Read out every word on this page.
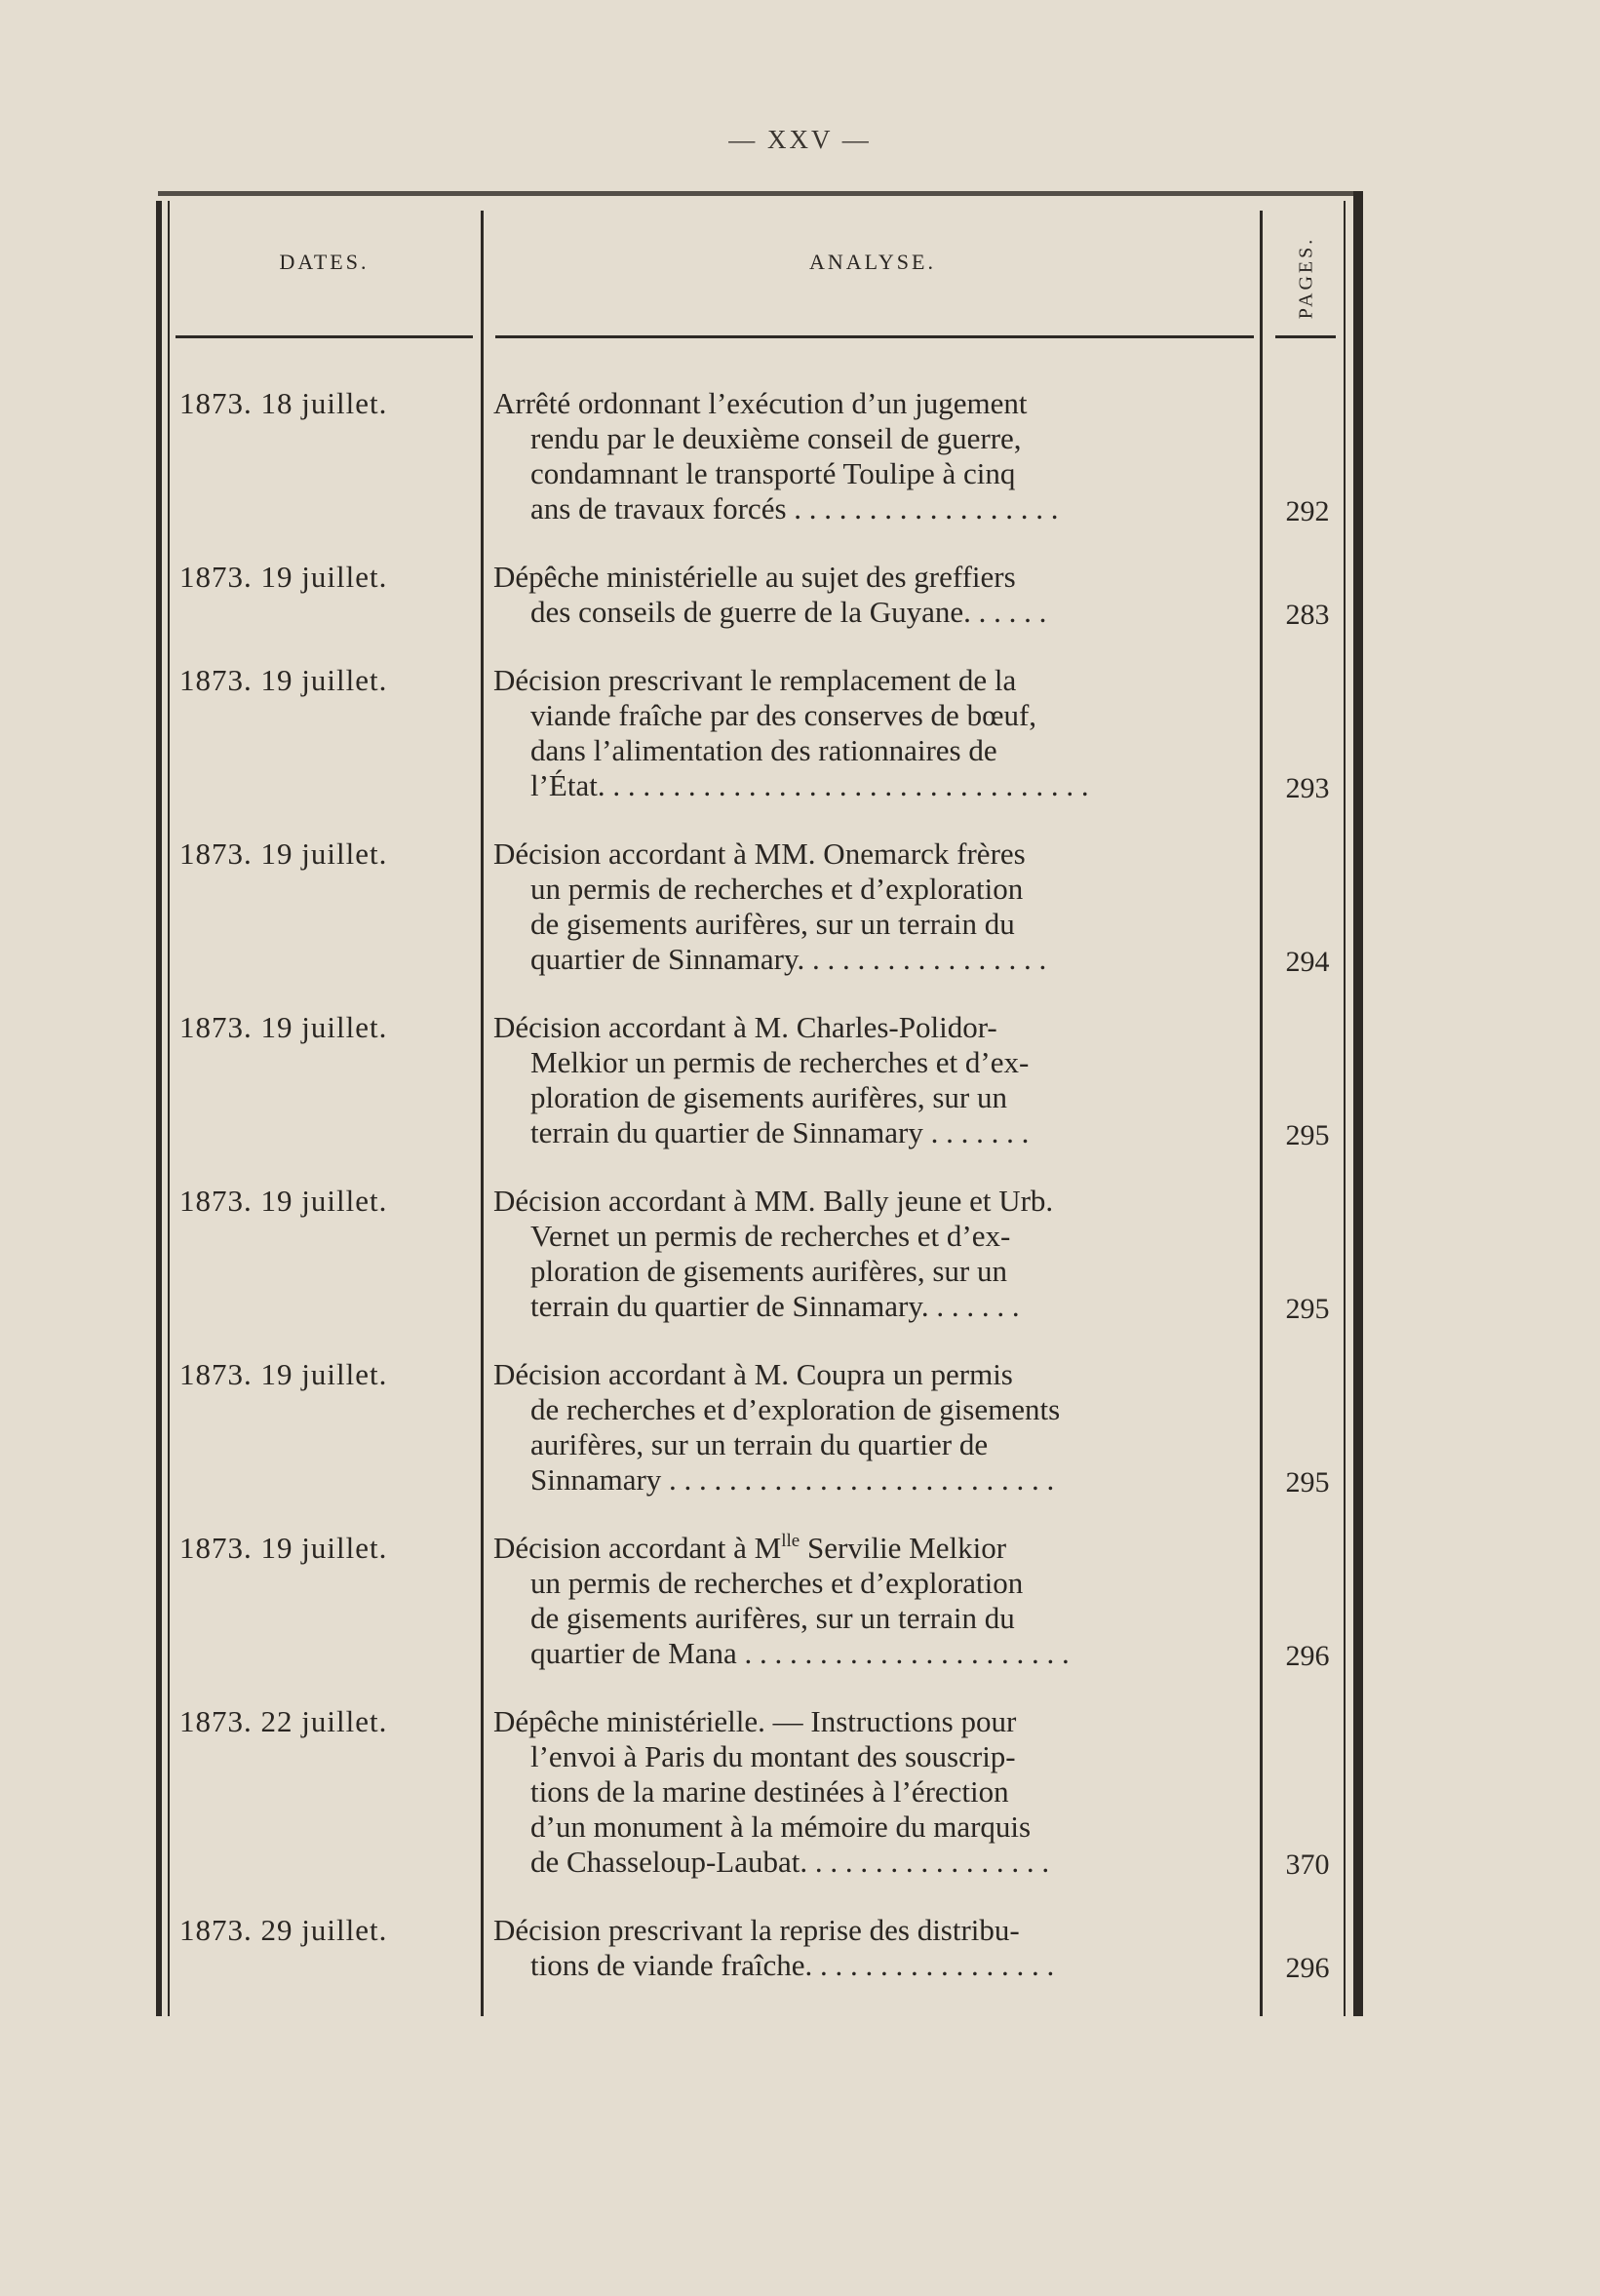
— XXV —
DATES.	ANALYSE.	PAGES.
1873. 18 juillet.	Arrêté ordonnant l’exécution d’un jugement
rendu par le deuxième conseil de guerre,
condamnant le transporté Toulipe à cinq
ans de travaux forcés . . . . . . . . . . . . . . . . . .	292
1873. 19 juillet.	Dépêche ministérielle au sujet des greffiers
des conseils de guerre de la Guyane. . . . . .	283
1873. 19 juillet.	Décision prescrivant le remplacement de la
viande fraîche par des conserves de bœuf,
dans l’alimentation des rationnaires de
l’État. . . . . . . . . . . . . . . . . . . . . . . . . . . . . . . . .	293
1873. 19 juillet.	Décision accordant à MM. Onemarck frères
un permis de recherches et d’exploration
de gisements aurifères, sur un terrain du
quartier de Sinnamary. . . . . . . . . . . . . . . . .	294
1873. 19 juillet.	Décision accordant à M. Charles-Polidor-
Melkior un permis de recherches et d’ex-
ploration de gisements aurifères, sur un
terrain du quartier de Sinnamary . . . . . . .	295
1873. 19 juillet.	Décision accordant à MM. Bally jeune et Urb.
Vernet un permis de recherches et d’ex-
ploration de gisements aurifères, sur un
terrain du quartier de Sinnamary. . . . . . .	295
1873. 19 juillet.	Décision accordant à M. Coupra un permis
de recherches et d’exploration de gisements
aurifères, sur un terrain du quartier de
Sinnamary . . . . . . . . . . . . . . . . . . . . . . . . . .	295
1873. 19 juillet.	Décision accordant à $M^{lle}$ Servilie Melkior
un permis de recherches et d’exploration
de gisements aurifères, sur un terrain du
quartier de Mana . . . . . . . . . . . . . . . . . . . . . .	296
1873. 22 juillet.	Dépêche ministérielle. — Instructions pour
l’envoi à Paris du montant des souscrip-
tions de la marine destinées à l’érection
d’un monument à la mémoire du marquis
de Chasseloup-Laubat. . . . . . . . . . . . . . . . .	370
1873. 29 juillet.	Décision prescrivant la reprise des distribu-
tions de viande fraîche. . . . . . . . . . . . . . . . .	296
